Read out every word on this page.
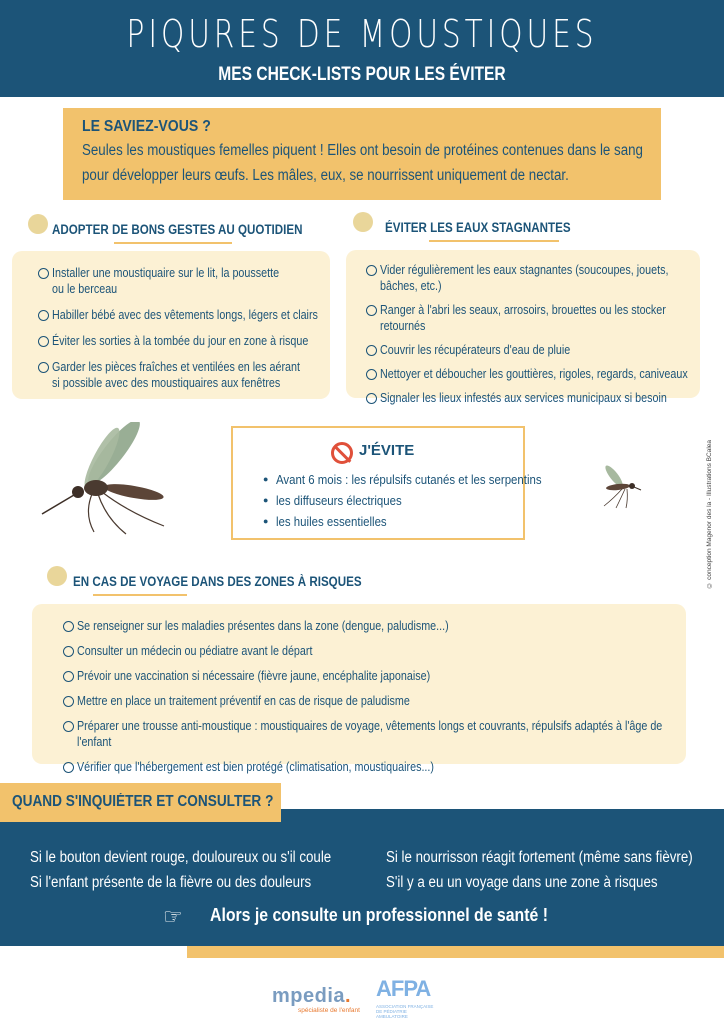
PIQURES DE MOUSTIQUES
MES CHECK-LISTS POUR LES ÉVITER
LE SAVIEZ-VOUS ?
Seules les moustiques femelles piquent ! Elles ont besoin de protéines contenues dans le sang
pour développer leurs œufs. Les mâles, eux, se nourrissent uniquement de nectar.
ADOPTER DE BONS GESTES AU QUOTIDIEN
Installer une moustiquaire sur le lit, la poussette
ou le berceau
Habiller bébé avec des vêtements longs, légers et clairs
Éviter les sorties à la tombée du jour en zone à risque
Garder les pièces fraîches et ventilées en les aérant
si possible avec des moustiquaires aux fenêtres
ÉVITER LES EAUX STAGNANTES
Vider régulièrement les eaux stagnantes (soucoupes, jouets,
bâches, etc.)
Ranger à l'abri les seaux, arrosoirs, brouettes ou les stocker retournés
Couvrir les récupérateurs d'eau de pluie
Nettoyer et déboucher les gouttières, rigoles, regards, caniveaux
Signaler les lieux infestés aux services municipaux si besoin
J'ÉVITE
● Avant 6 mois : les répulsifs cutanés et les serpentins
● les diffuseurs électriques
● les huiles essentielles	© conception Magenor des la - Illustrations BCalea
EN CAS DE VOYAGE DANS DES ZONES À RISQUES
Se renseigner sur les maladies présentes dans la zone (dengue, paludisme...)
Consulter un médecin ou pédiatre avant le départ
Prévoir une vaccination si nécessaire (fièvre jaune, encéphalite japonaise)
Mettre en place un traitement préventif en cas de risque de paludisme
Préparer une trousse anti-moustique : moustiquaires de voyage, vêtements longs et couvrants, répulsifs adaptés à l'âge de l'enfant
Vérifier que l'hébergement est bien protégé (climatisation, moustiquaires...)
Si le bouton devient rouge, douloureux ou s'il coule
Si l'enfant présente de la fièvre ou des douleurs
Si le nourrisson réagit fortement (même sans fièvre)
S'il y a eu un voyage dans une zone à risques
☞ Alors je consulte un professionnel de santé !
QUAND S'INQUIÉTER ET CONSULTER ?
mpedia.
spécialiste de l'enfant
AFPA
ASSOCIATION FRANÇAISE DE PÉDIATRIE AMBULATOIRE
